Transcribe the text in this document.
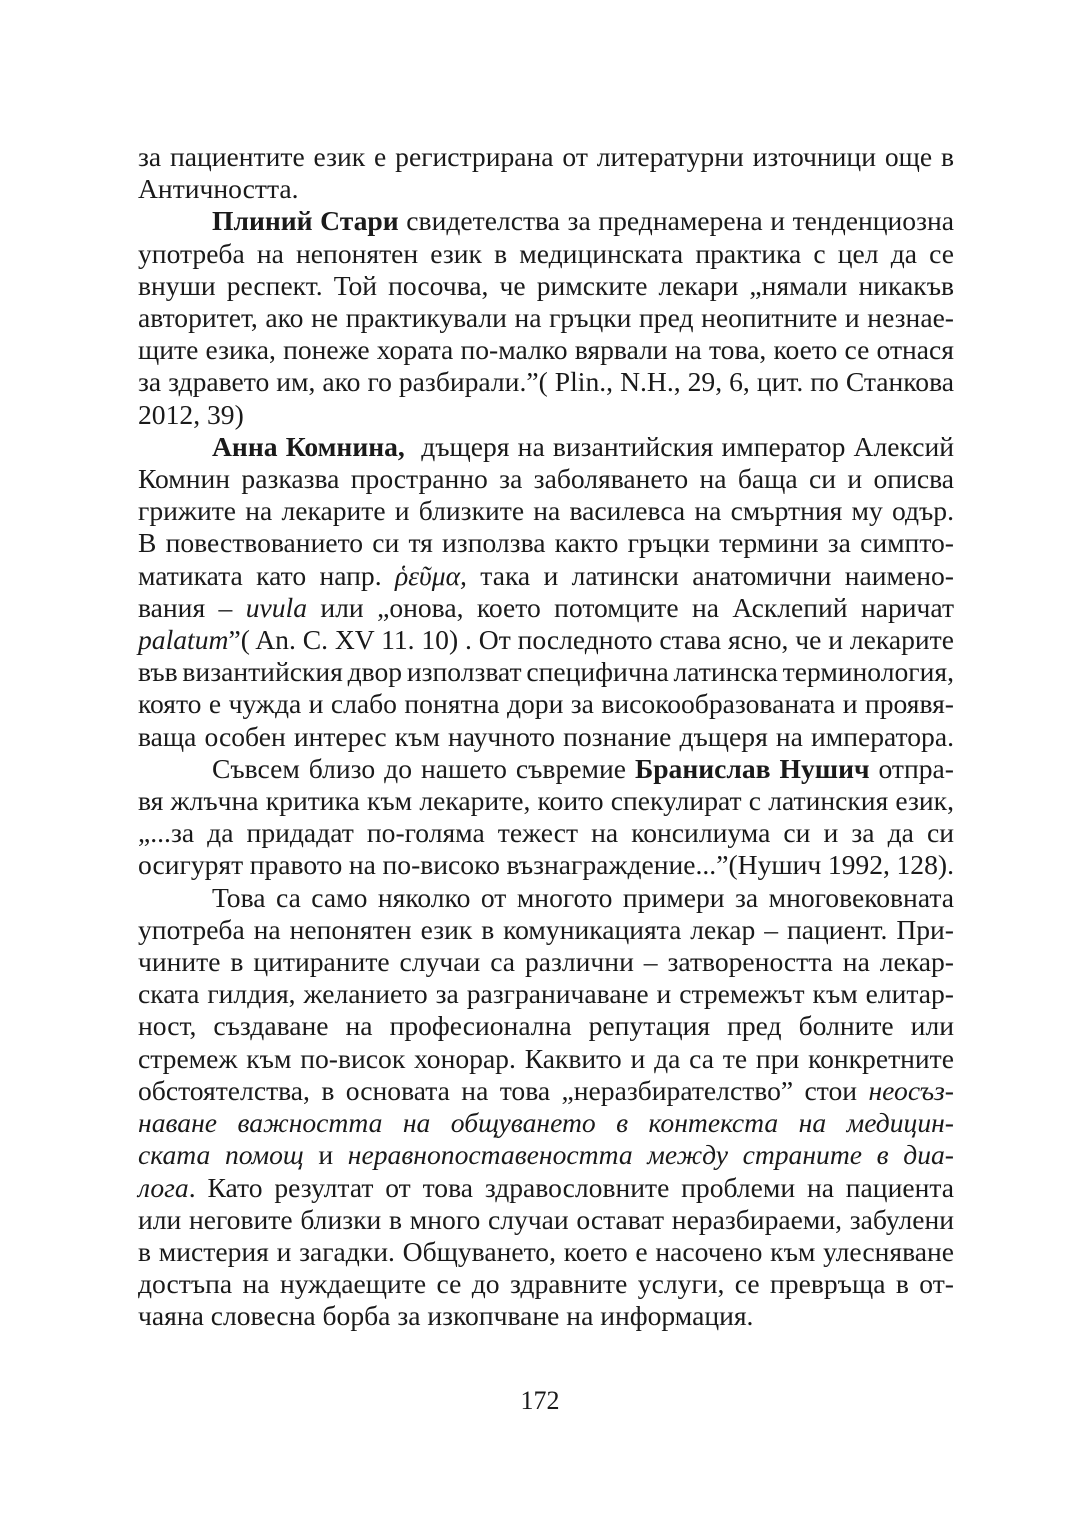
за пациентите език е регистрирана от литературни източници още в
Античността.

Плиний Стари свидетелства за преднамерена и тенденциозна
употреба на непонятен език в медицинската практика с цел да се
внуши респект. Той посочва, че римските лекари „нямали никакъв
авторитет, ако не практикували на гръцки пред неопитните и незнае-
щите езика, понеже хората по-малко вярвали на това, което се отнася
за здравето им, ако го разбирали.”( Plin., N.H., 29, 6, цит. по Станкова
2012, 39)

Анна Комнина,  дъщеря на византийския император Алексий
Комнин разказва пространно за заболяването на баща си и описва
грижите на лекарите и близките на василевса на смъртния му одър.
В повествованието си тя използва както гръцки термини за симпто-
матиката като напр. ῥεῦμα, така и латински анатомични наимено-
вания – uvula или „онова, което потомците на Асклепий наричат
palatum”( An. C. XV 11. 10) . От последното става ясно, че и лекарите
във византийския двор използват специфична латинска терминология,
която е чужда и слабо понятна дори за високообразованата и проявя-
ваща особен интерес към научното познание дъщеря на императора.

Съвсем близо до нашето съвремие Бранислав Нушич отпра-
вя жлъчна критика към лекарите, които спекулират с латинския език,
„...за да придадат по-голяма тежест на консилиума си и за да си
осигурят правото на по-високо възнаграждение...”(Нушич 1992, 128).

Това са само няколко от многото примери за многовековната
употреба на непонятен език в комуникацията лекар – пациент. При-
чините в цитираните случаи са различни – затвореността на лекар-
ската гилдия, желанието за разграничаване и стремежът към елитар-
ност, създаване на професионална репутация пред болните или
стремеж към по-висок хонорар. Каквито и да са те при конкретните
обстоятелства, в основата на това „неразбирателство” стои неосъз-
наване важността на общуването в контекста на медицин-
ската помощ и неравнопоставеността между страните в диа-
лога. Като резултат от това здравословните проблеми на пациента
или неговите близки в много случаи остават неразбираеми, забулени
в мистерия и загадки. Общуването, което е насочено към улесняване
достъпа на нуждаещите се до здравните услуги, се превръща в от-
чаяна словесна борба за изкопчване на информация.

172
